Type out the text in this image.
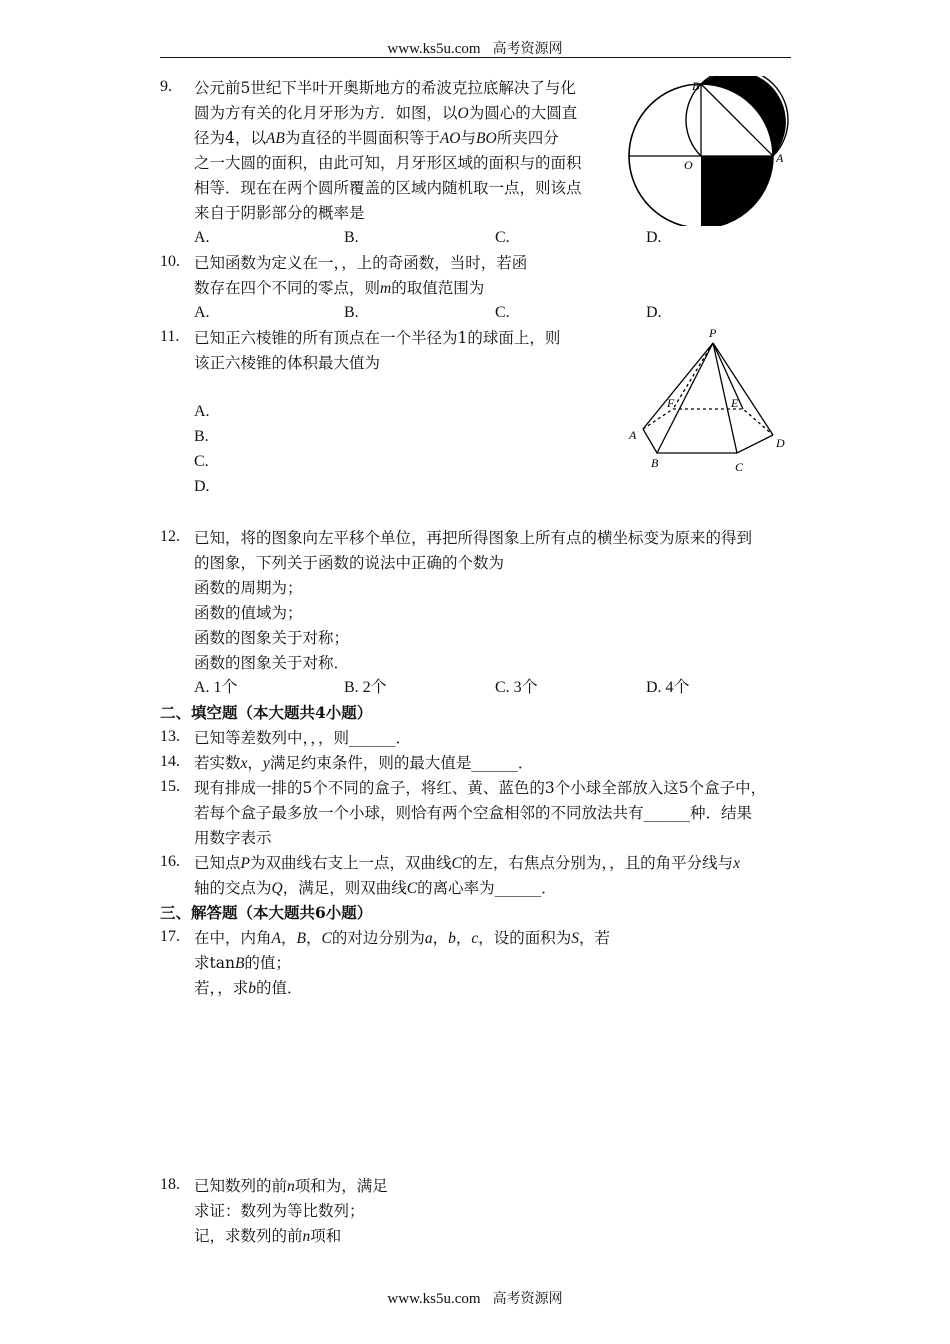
www.ks5u.com 高考资源网
9. 公元前5世纪下半叶开奥斯地方的希波克拉底解决了与化
圆为方有关的化月牙形为方．如图，以O为圆心的大圆直
径为4，以AB为直径的半圆面积等于AO与BO所夹四分
之一大圆的面积，由此可知，月牙形区域的面积与的面积
相等．现在在两个圆所覆盖的区域内随机取一点，则该点
来自于阴影部分的概率是
A.	B.	C.	D.
B
O	A
10. 已知函数为定义在一，，上的奇函数，当时，若函
数存在四个不同的零点，则m的取值范围为
A.	B.	C.	D.
11. 已知正六棱锥的所有顶点在一个半径为1的球面上，则
该正六棱锥的体积最大值为
A.
B.
C.
D.
P
F	E
A
B	C
D
12. 已知，将的图象向左平移个单位，再把所得图象上所有点的横坐标变为原来的得到
的图象，下列关于函数的说法中正确的个数为
函数的周期为；
函数的值域为；
函数的图象关于对称；
函数的图象关于对称．
A. 1个	B. 2个	C. 3个	D. 4个
二、填空题（本大题共4小题）
13. 已知等差数列中，，，则______．
14. 若实数x，y满足约束条件，则的最大值是______．
15. 现有排成一排的5个不同的盒子，将红、黄、蓝色的3个小球全部放入这5个盒子中，
若每个盒子最多放一个小球，则恰有两个空盒相邻的不同放法共有______种．结果
用数字表示
16. 已知点P为双曲线右支上一点，双曲线C的左，右焦点分别为，，且的角平分线与x
轴的交点为Q，满足，则双曲线C的离心率为______．
三、解答题（本大题共6小题）
17. 在中，内角A，B，C的对边分别为a，b，c，设的面积为S，若
求tanB的值；
若，，求b的值．
18. 已知数列的前n项和为，满足
求证：数列为等比数列；
记，求数列的前n项和
www.ks5u.com 高考资源网
